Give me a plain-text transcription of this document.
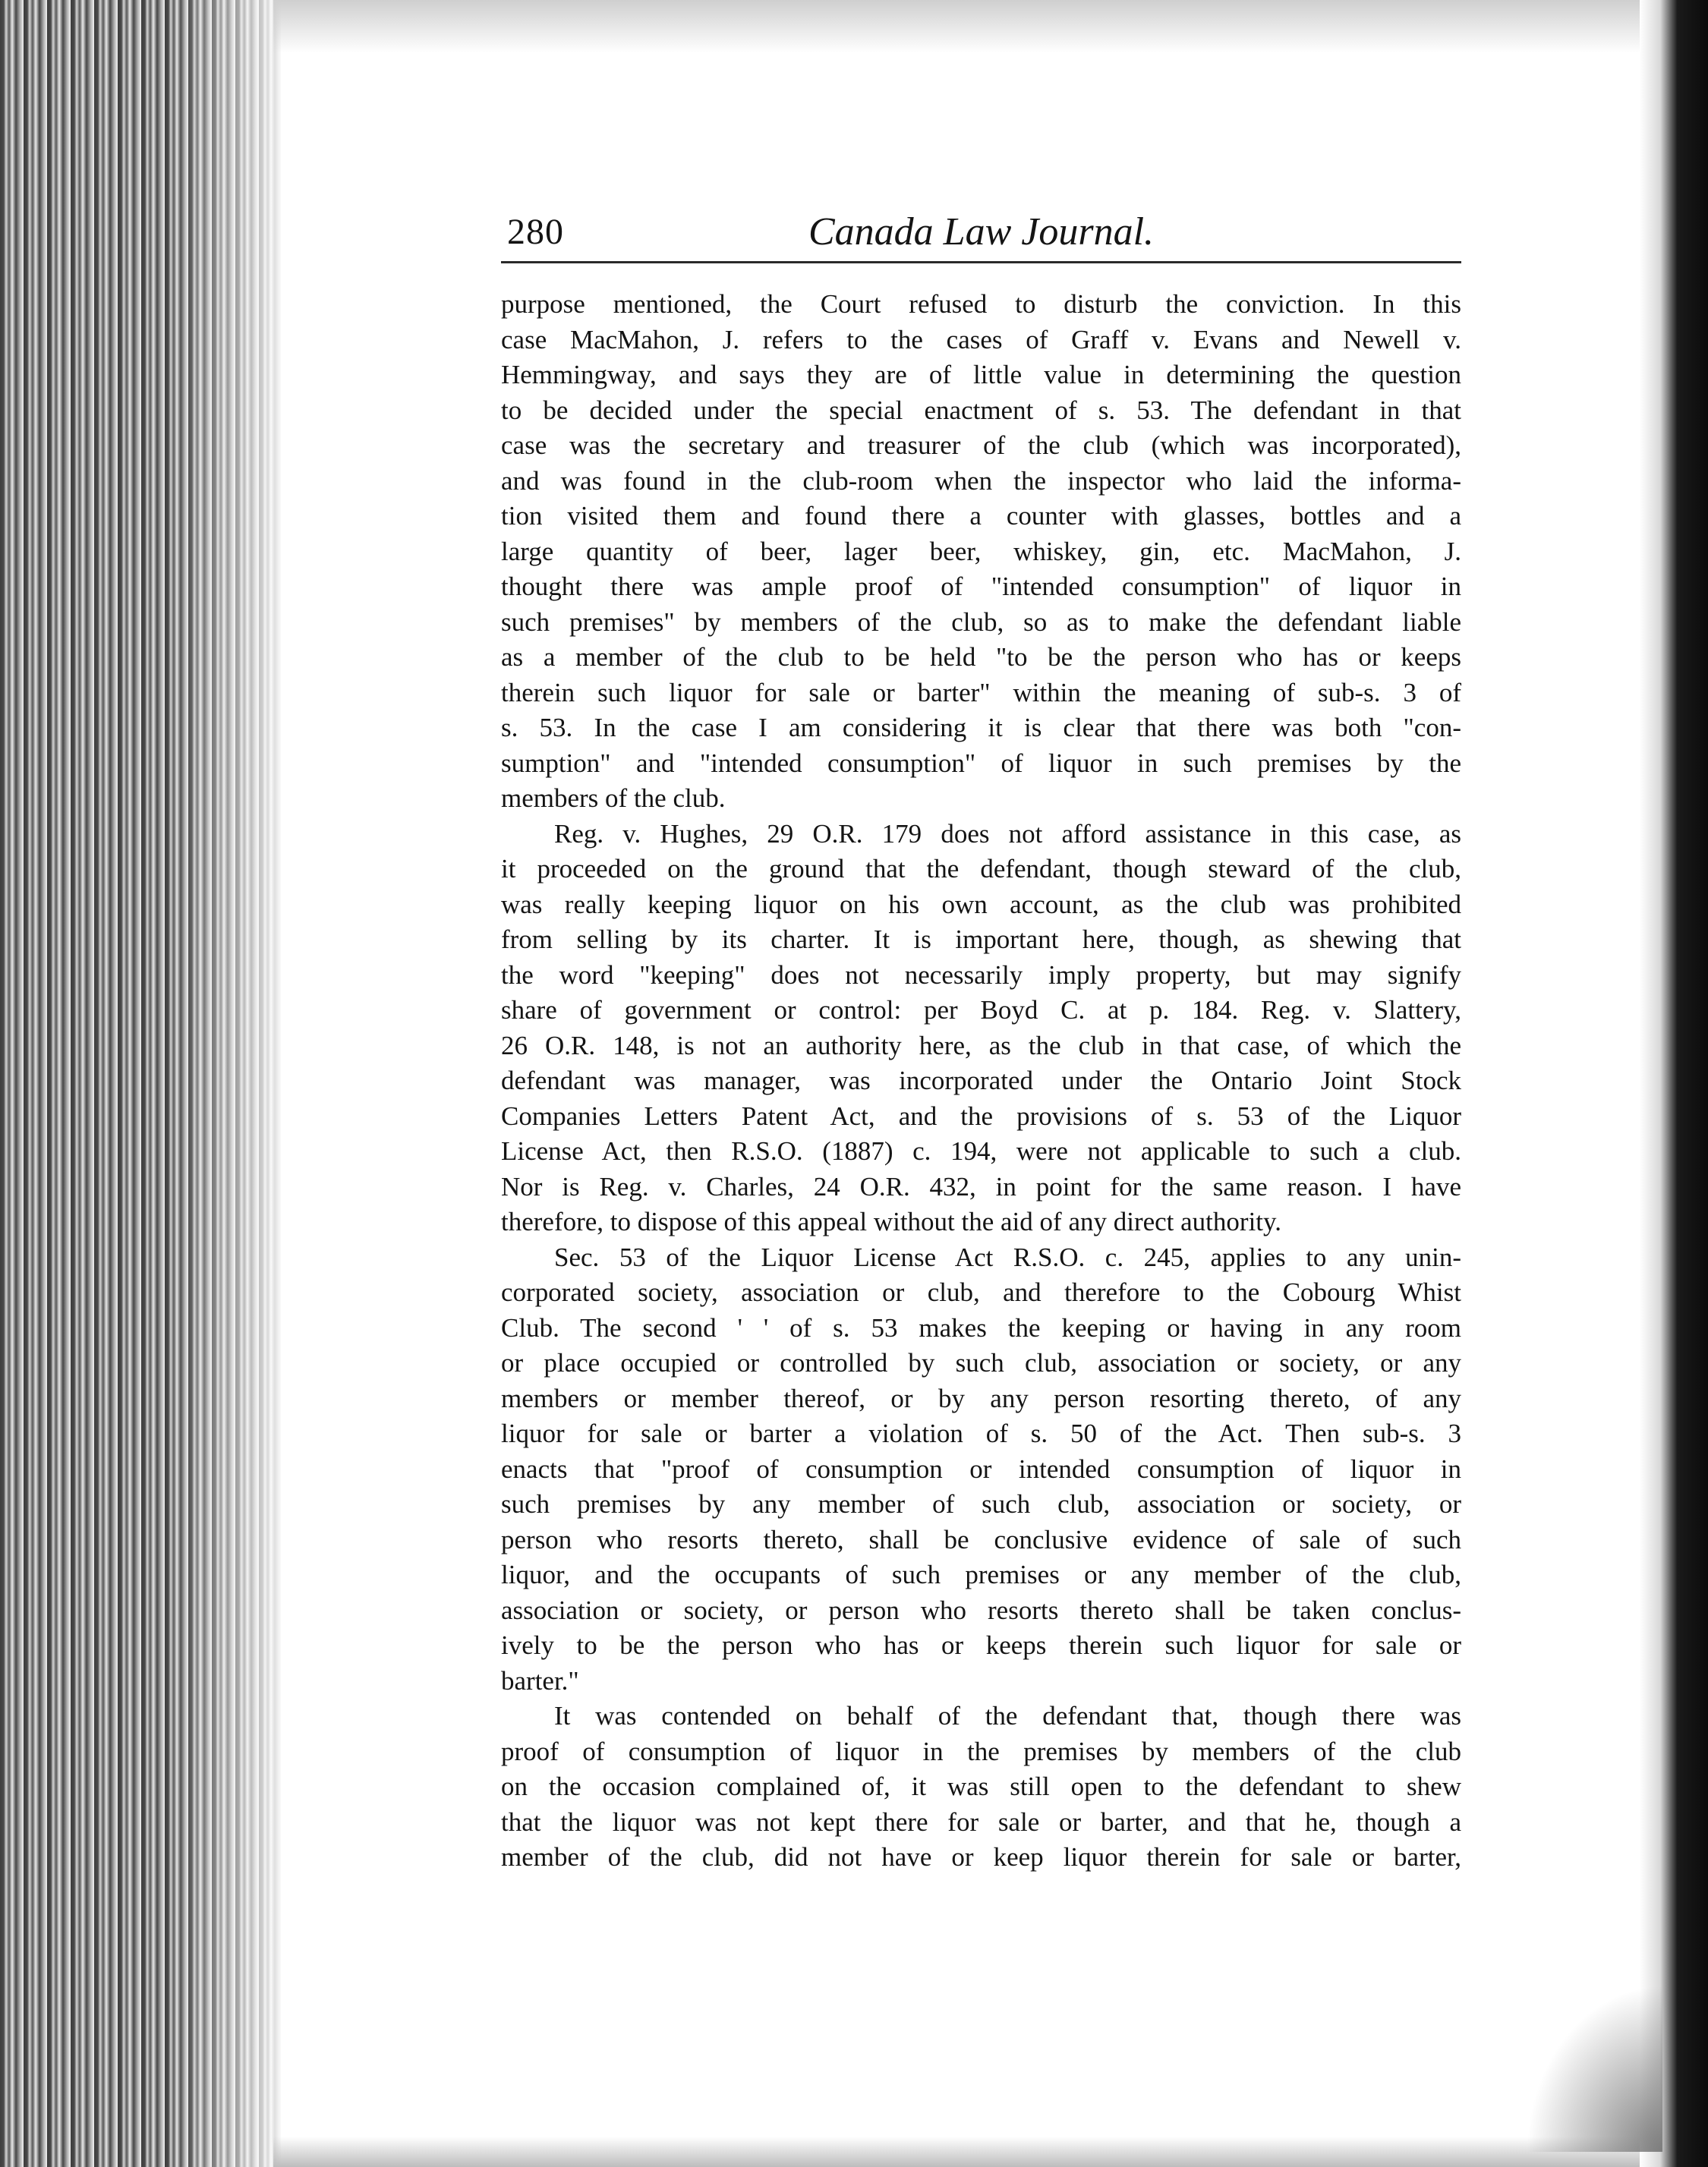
280	Canada Law Journal.
purpose mentioned, the Court refused to disturb the conviction. In this
case MacMahon, J. refers to the cases of Graff v. Evans and Newell v.
Hemmingway, and says they are of little value in determining the question
to be decided under the special enactment of s. 53. The defendant in that
case was the secretary and treasurer of the club (which was incorporated),
and was found in the club-room when the inspector who laid the informa-
tion visited them and found there a counter with glasses, bottles and a
large quantity of beer, lager beer, whiskey, gin, etc. MacMahon, J.
thought there was ample proof of "intended consumption" of liquor in
such premises" by members of the club, so as to make the defendant liable
as a member of the club to be held "to be the person who has or keeps
therein such liquor for sale or barter" within the meaning of sub-s. 3 of
s. 53. In the case I am considering it is clear that there was both "con-
sumption" and "intended consumption" of liquor in such premises by the
members of the club.
Reg. v. Hughes, 29 O.R. 179 does not afford assistance in this case, as
it proceeded on the ground that the defendant, though steward of the club,
was really keeping liquor on his own account, as the club was prohibited
from selling by its charter. It is important here, though, as shewing that
the word "keeping" does not necessarily imply property, but may signify
share of government or control: per Boyd C. at p. 184. Reg. v. Slattery,
26 O.R. 148, is not an authority here, as the club in that case, of which the
defendant was manager, was incorporated under the Ontario Joint Stock
Companies Letters Patent Act, and the provisions of s. 53 of the Liquor
License Act, then R.S.O. (1887) c. 194, were not applicable to such a club.
Nor is Reg. v. Charles, 24 O.R. 432, in point for the same reason. I have
therefore, to dispose of this appeal without the aid of any direct authority.
Sec. 53 of the Liquor License Act R.S.O. c. 245, applies to any unin-
corporated society, association or club, and therefore to the Cobourg Whist
Club. The second ' ' of s. 53 makes the keeping or having in any room
or place occupied or controlled by such club, association or society, or any
members or member thereof, or by any person resorting thereto, of any
liquor for sale or barter a violation of s. 50 of the Act. Then sub-s. 3
enacts that "proof of consumption or intended consumption of liquor in
such premises by any member of such club, association or society, or
person who resorts thereto, shall be conclusive evidence of sale of such
liquor, and the occupants of such premises or any member of the club,
association or society, or person who resorts thereto shall be taken conclus-
ively to be the person who has or keeps therein such liquor for sale or
barter."
It was contended on behalf of the defendant that, though there was
proof of consumption of liquor in the premises by members of the club
on the occasion complained of, it was still open to the defendant to shew
that the liquor was not kept there for sale or barter, and that he, though a
member of the club, did not have or keep liquor therein for sale or barter,
